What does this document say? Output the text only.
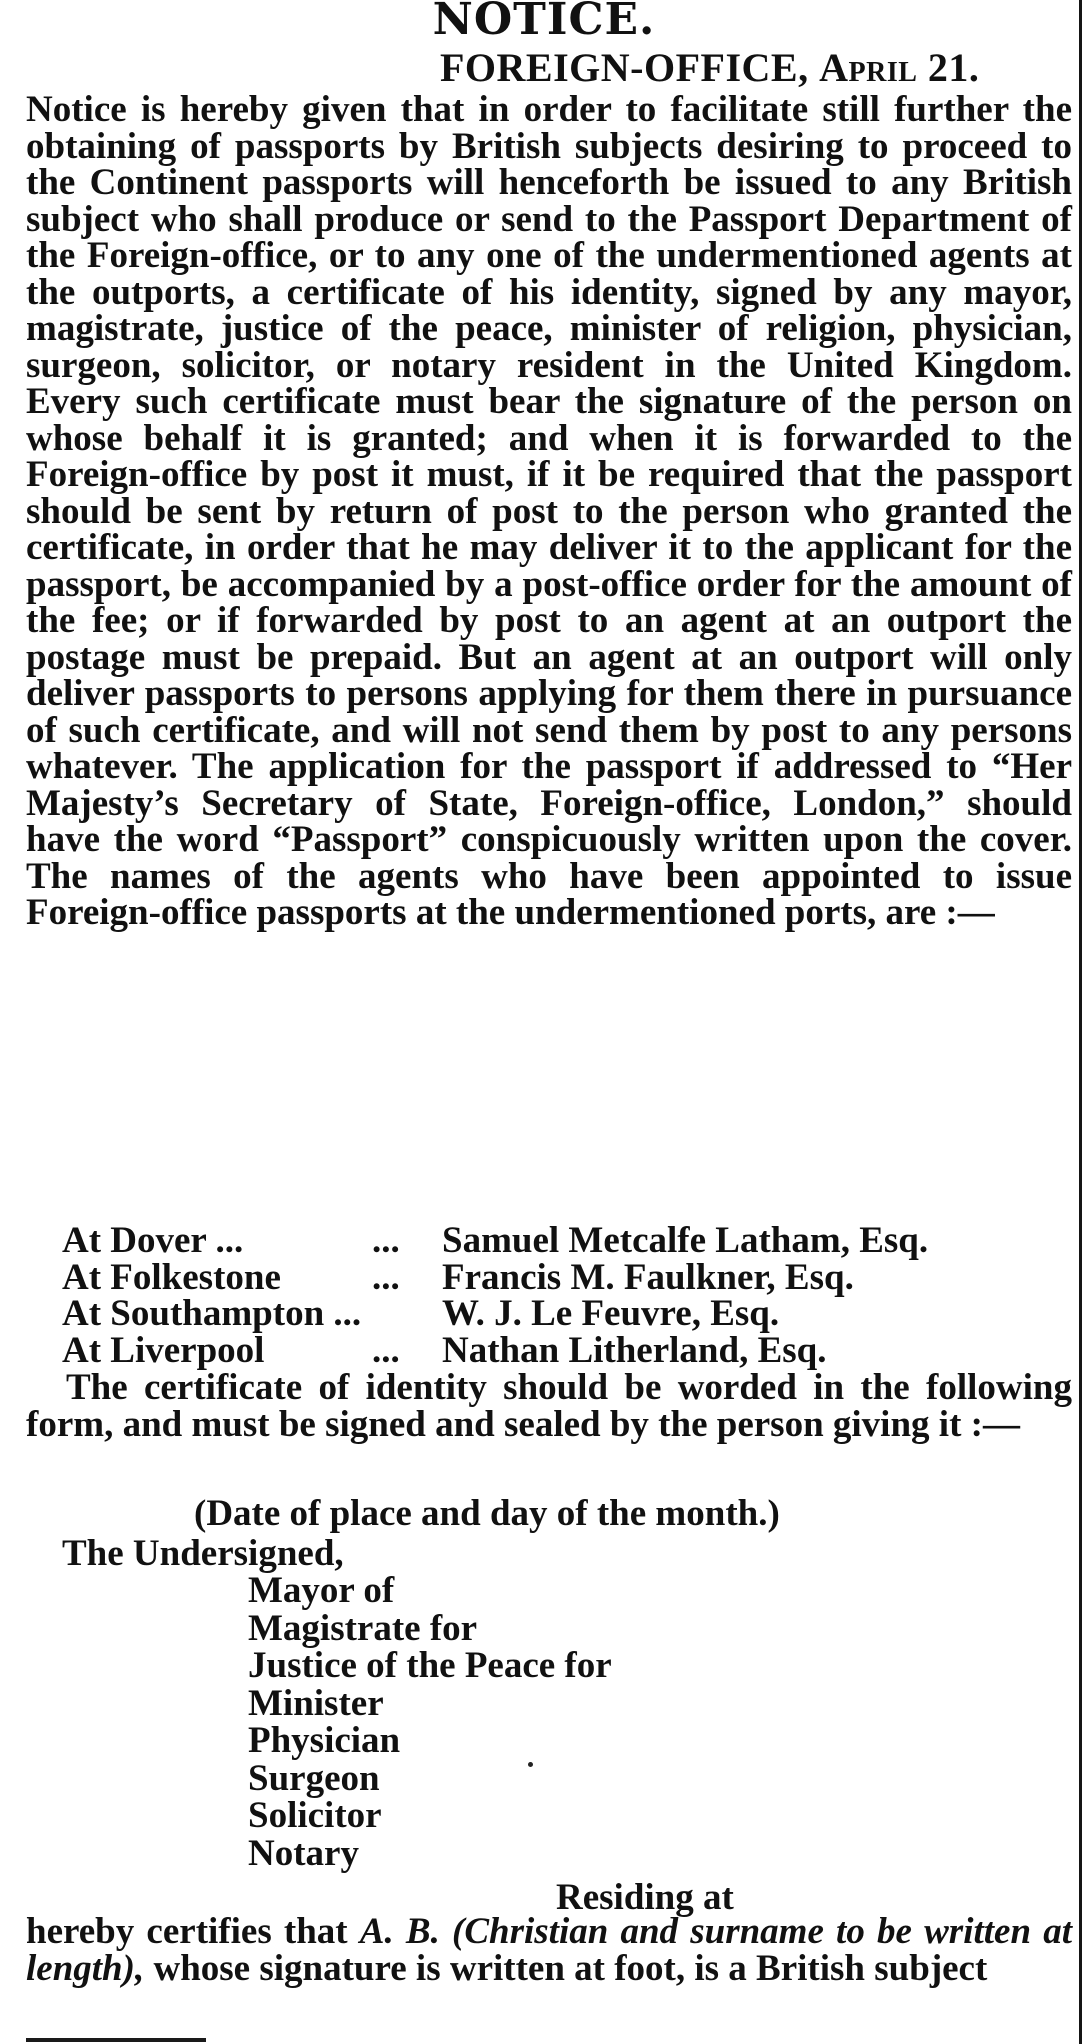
NOTICE.
FOREIGN-OFFICE, April 21.

Notice is hereby given that in order to facilitate still further the obtaining of passports by British subjects desiring to proceed to the Continent passports will henceforth be issued to any British subject who shall produce or send to the Passport Department of the Foreign-office, or to any one of the undermentioned agents at the outports, a certificate of his identity, signed by any mayor, magistrate, justice of the peace, minister of religion, physician, surgeon, solicitor, or notary resident in the United Kingdom. Every such certificate must bear the signature of the person on whose behalf it is granted; and when it is forwarded to the Foreign-office by post it must, if it be required that the passport should be sent by return of post to the person who granted the certificate, in order that he may deliver it to the applicant for the passport, be accompanied by a post-office order for the amount of the fee; or if forwarded by post to an agent at an outport the postage must be prepaid. But an agent at an outport will only deliver passports to persons applying for them there in pursuance of such certificate, and will not send them by post to any persons whatever. The application for the passport if addressed to “Her Majesty’s Secretary of State, Foreign-office, London,” should have the word “Passport” conspicuously written upon the cover. The names of the agents who have been appointed to issue Foreign-office passports at the undermentioned ports, are :—

At Dover ...	...	Samuel Metcalfe Latham, Esq.
At Folkestone	...	Francis M. Faulkner, Esq.
At Southampton ...	W. J. Le Feuvre, Esq.
At Liverpool	...	Nathan Litherland, Esq.

The certificate of identity should be worded in the following form, and must be signed and sealed by the person giving it :—

(Date of place and day of the month.)
The Undersigned,
Mayor of
Magistrate for
Justice of the Peace for
Minister
Physician
Surgeon
Solicitor
Notary
Residing at

hereby certifies that A. B. (Christian and surname to be written at length), whose signature is written at foot, is a British subject
